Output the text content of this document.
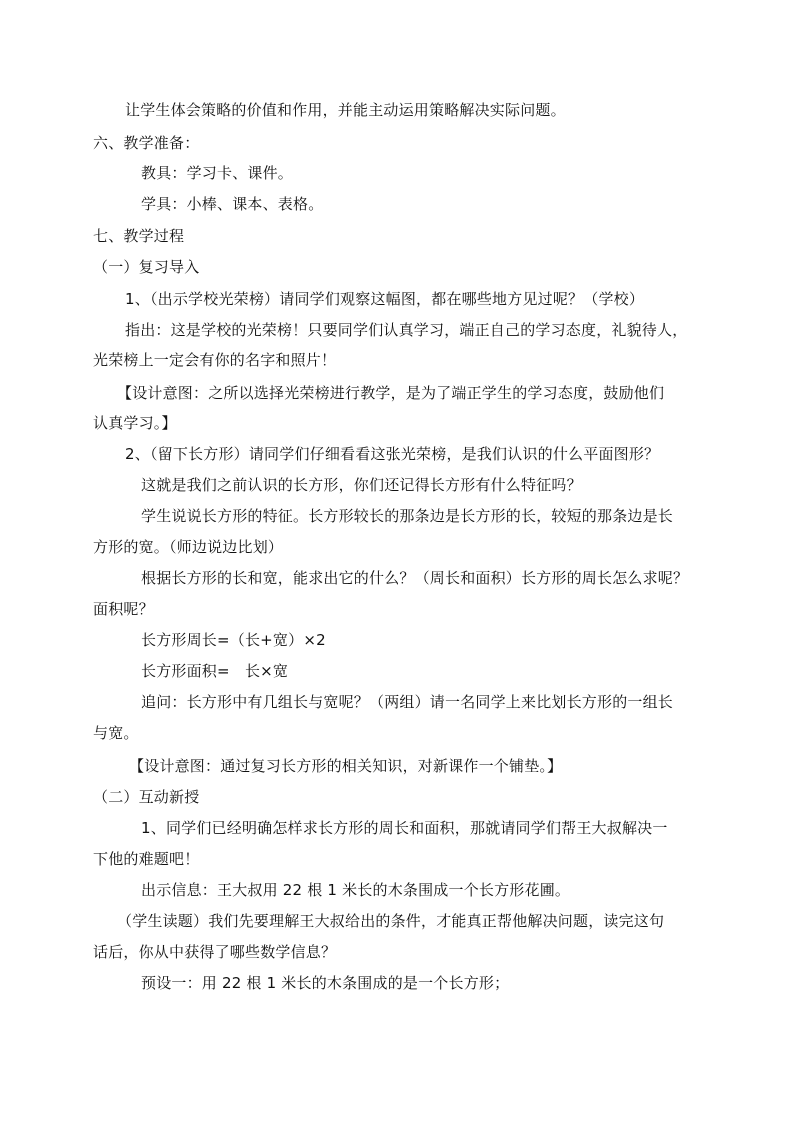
让学生体会策略的价值和作用，并能主动运用策略解决实际问题。
六、教学准备：
教具：学习卡、课件。
学具：小棒、课本、表格。
七、教学过程
（一）复习导入
1、（出示学校光荣榜）请同学们观察这幅图，都在哪些地方见过呢？（学校）
指出：这是学校的光荣榜！只要同学们认真学习，端正自己的学习态度，礼貌待人，
光荣榜上一定会有你的名字和照片！
【设计意图：之所以选择光荣榜进行教学，是为了端正学生的学习态度，鼓励他们
认真学习。】
2、（留下长方形）请同学们仔细看看这张光荣榜，是我们认识的什么平面图形？
这就是我们之前认识的长方形，你们还记得长方形有什么特征吗？
学生说说长方形的特征。长方形较长的那条边是长方形的长，较短的那条边是长
方形的宽。（师边说边比划）
根据长方形的长和宽，能求出它的什么？（周长和面积）长方形的周长怎么求呢？
面积呢？
长方形周长=（长+宽）×2
长方形面积=　长×宽
追问：长方形中有几组长与宽呢？（两组）请一名同学上来比划长方形的一组长
与宽。
【设计意图：通过复习长方形的相关知识，对新课作一个铺垫。】
（二）互动新授
1、同学们已经明确怎样求长方形的周长和面积，那就请同学们帮王大叔解决一
下他的难题吧！
出示信息：王大叔用 22 根 1 米长的木条围成一个长方形花圃。
（学生读题）我们先要理解王大叔给出的条件，才能真正帮他解决问题，读完这句
话后，你从中获得了哪些数学信息？
预设一：用 22 根 1 米长的木条围成的是一个长方形；
